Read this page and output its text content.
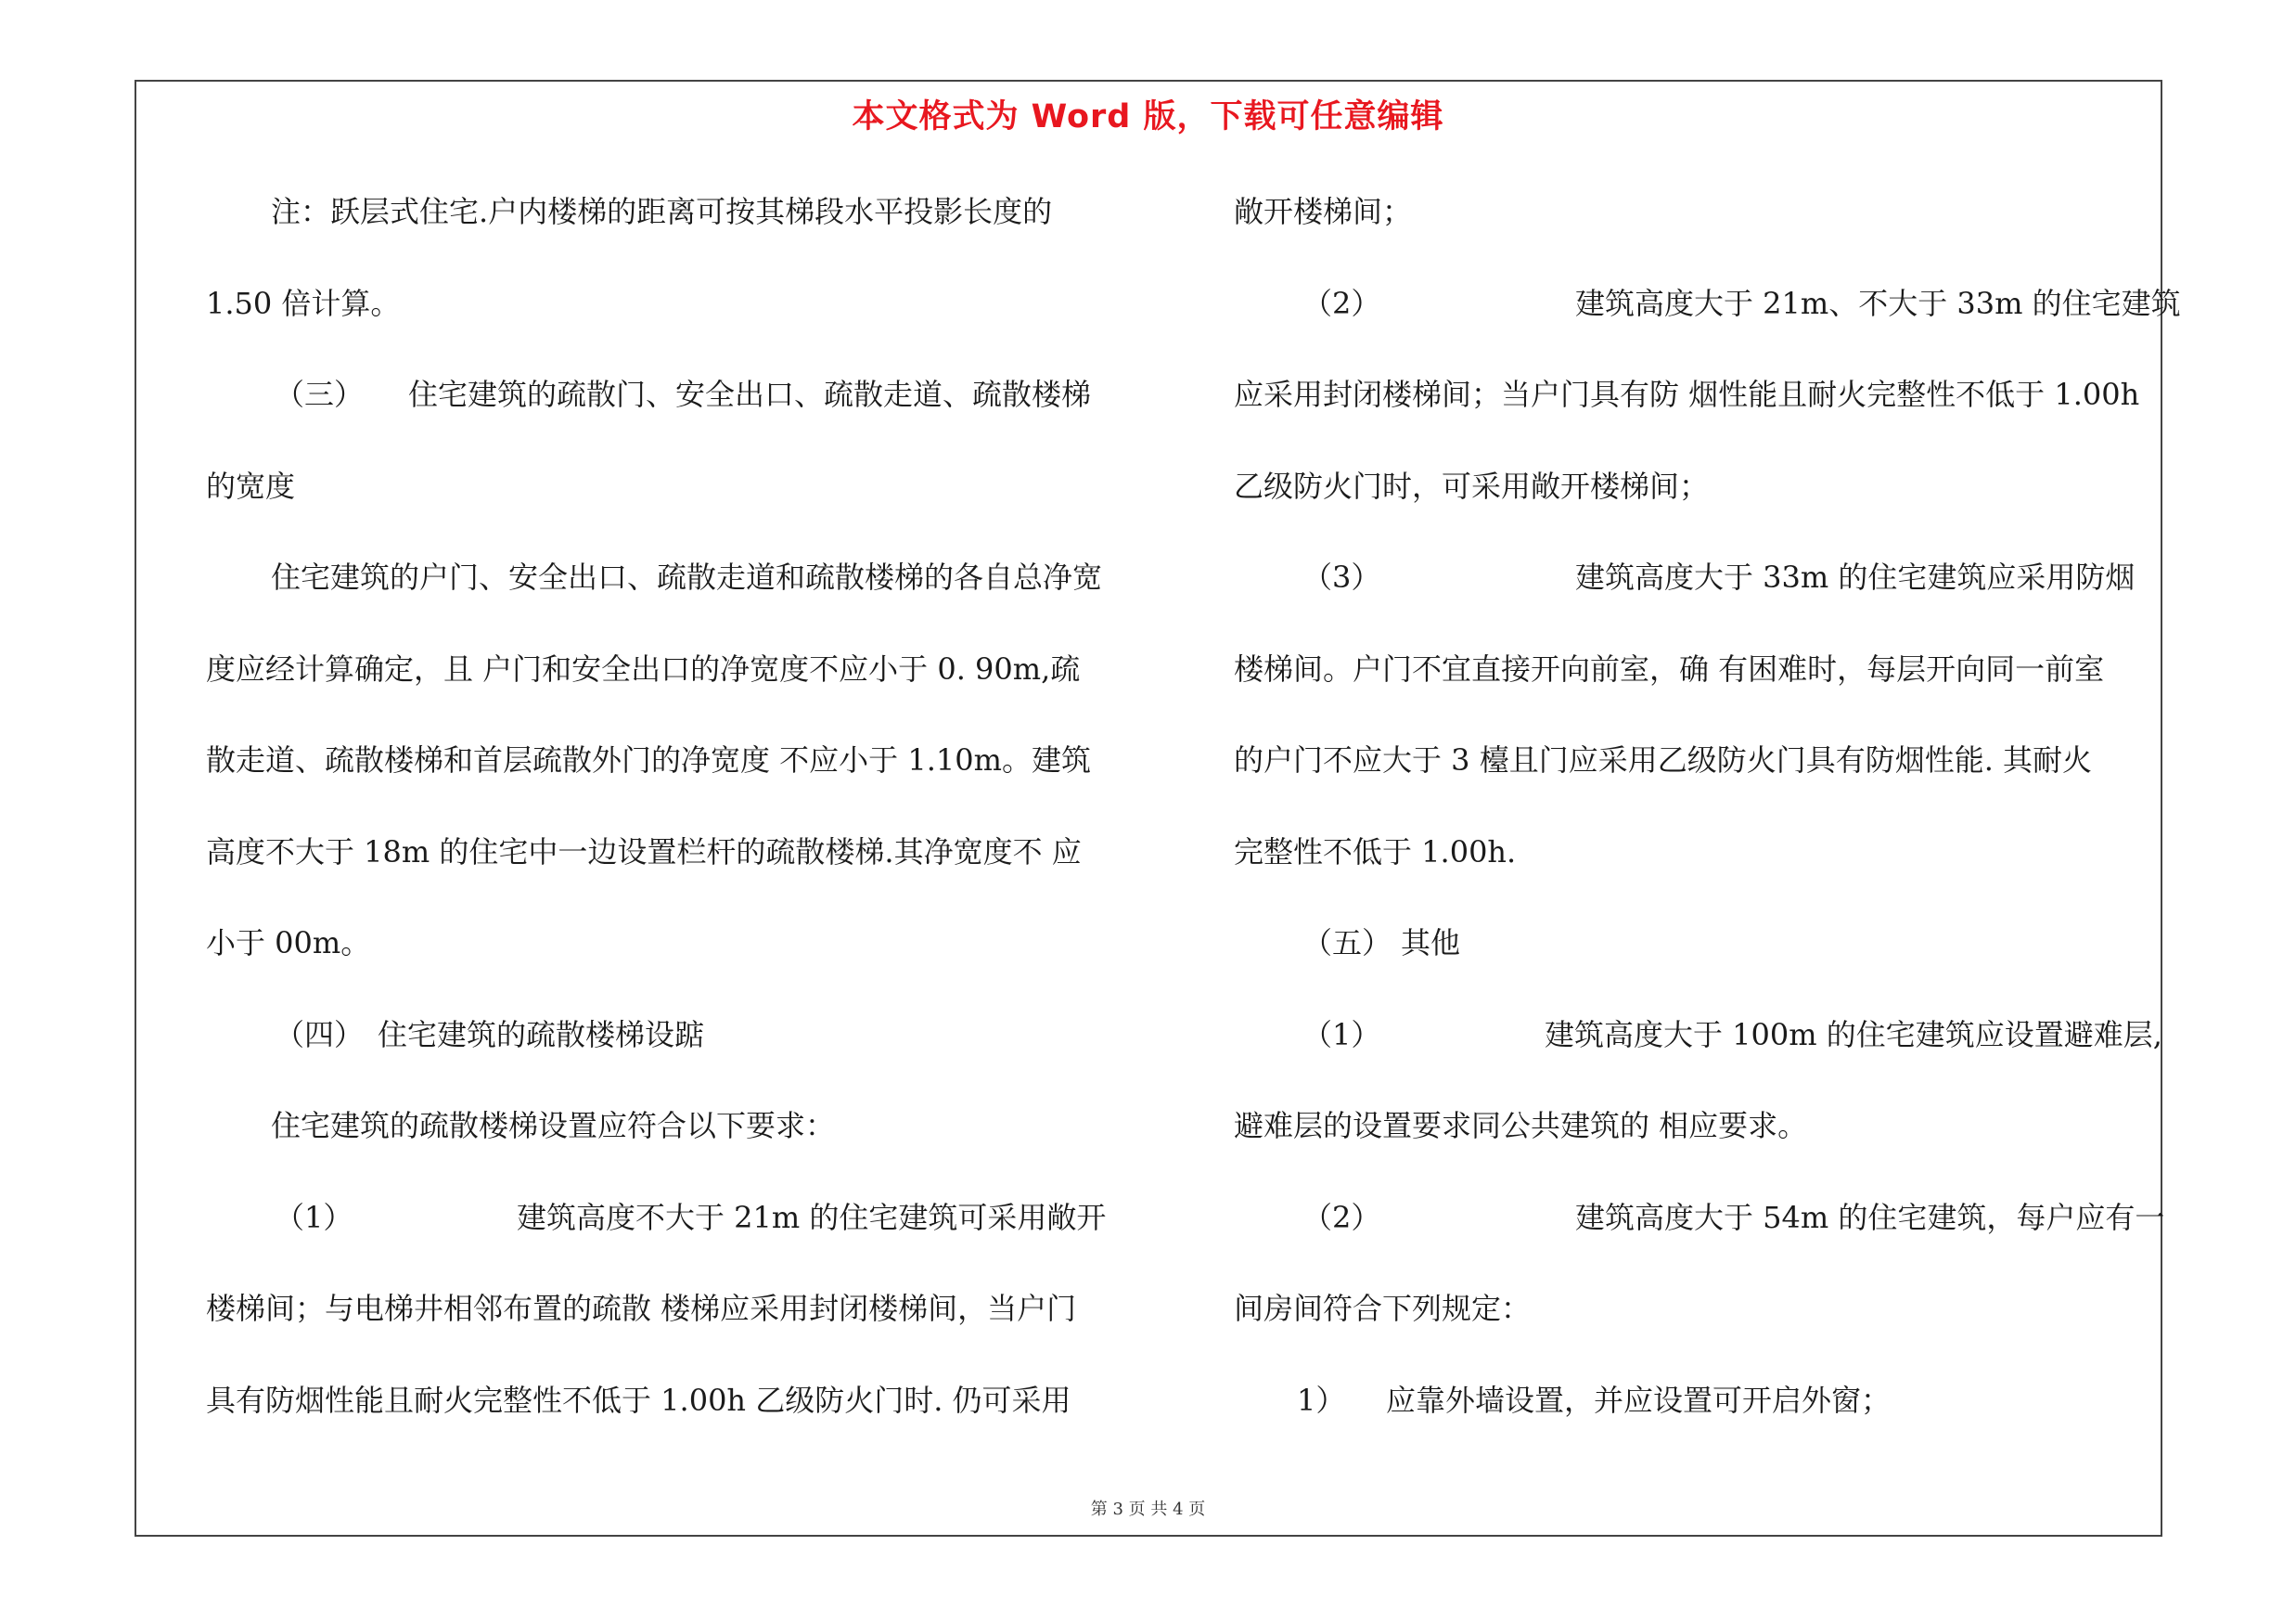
本文格式为 Word 版，下载可任意编辑
注：跃层式住宅.户内楼梯的距离可按其梯段水平投影长度的
1.50 倍计算。
（三） 住宅建筑的疏散门、安全出口、疏散走道、疏散楼梯
的宽度
住宅建筑的户门、安全出口、疏散走道和疏散楼梯的各自总净宽
度应经计算确定，且 户门和安全出口的净宽度不应小于 0. 90m,疏
散走道、疏散楼梯和首层疏散外门的净宽度 不应小于 1.10m。建筑
高度不大于 18m 的住宅中一边设置栏杆的疏散楼梯.其净宽度不 应
小于 00m。
（四） 住宅建筑的疏散楼梯设踮
住宅建筑的疏散楼梯设置应符合以下要求：
（1）	建筑高度不大于 21m 的住宅建筑可采用敞开
楼梯间；与电梯井相邻布置的疏散 楼梯应采用封闭楼梯间，当户门
具有防烟性能且耐火完整性不低于 1.00h 乙级防火门时. 仍可采用
敞开楼梯间；
（2）	建筑高度大于 21m、不大于 33m 的住宅建筑
应采用封闭楼梯间；当户门具有防 烟性能且耐火完整性不低于 1.00h
乙级防火门时，可采用敞开楼梯间；
（3）	建筑高度大于 33m 的住宅建筑应采用防烟
楼梯间。户门不宜直接开向前室，确 有困难时，每层开向同一前室
的户门不应大于 3 檯且门应采用乙级防火门具有防烟性能. 其耐火
完整性不低于 1.00h.
（五） 其他
（1）	建筑高度大于 100m 的住宅建筑应设置避难层,
避难层的设置要求同公共建筑的 相应要求。
（2）	建筑高度大于 54m 的住宅建筑，每户应有一
间房间符合下列规定：
1） 应靠外墙设置，并应设置可开启外窗；
第 3 页 共 4 页
